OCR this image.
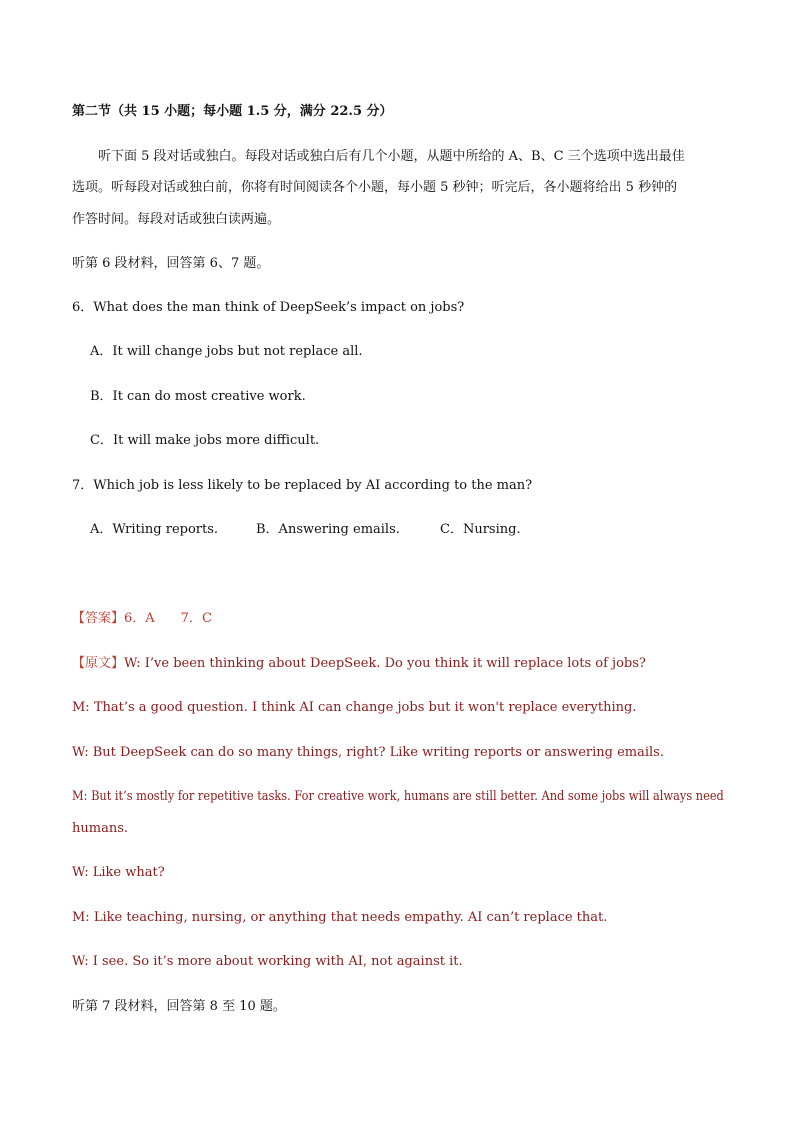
第二节（共 15 小题；每小题 1.5 分，满分 22.5 分）
听下面 5 段对话或独白。每段对话或独白后有几个小题，从题中所给的 A、B、C 三个选项中选出最佳
选项。听每段对话或独白前，你将有时间阅读各个小题，每小题 5 秒钟；听完后，各小题将给出 5 秒钟的
作答时间。每段对话或独白读两遍。
听第 6 段材料，回答第 6、7 题。
6．What does the man think of DeepSeek’s impact on jobs?
A．It will change jobs but not replace all.
B．It can do most creative work.
C．It will make jobs more difficult.
7．Which job is less likely to be replaced by AI according to the man?
A．Writing reports.	B．Answering emails.	C．Nursing.
【答案】6．A　　7．C
【原文】W: I’ve been thinking about DeepSeek. Do you think it will replace lots of jobs?
M: That’s a good question. I think AI can change jobs but it won't replace everything.
W: But DeepSeek can do so many things, right? Like writing reports or answering emails.
M: But it’s mostly for repetitive tasks. For creative work, humans are still better. And some jobs will always need
humans.
W: Like what?
M: Like teaching, nursing, or anything that needs empathy. AI can’t replace that.
W: I see. So it’s more about working with AI, not against it.
听第 7 段材料，回答第 8 至 10 题。
